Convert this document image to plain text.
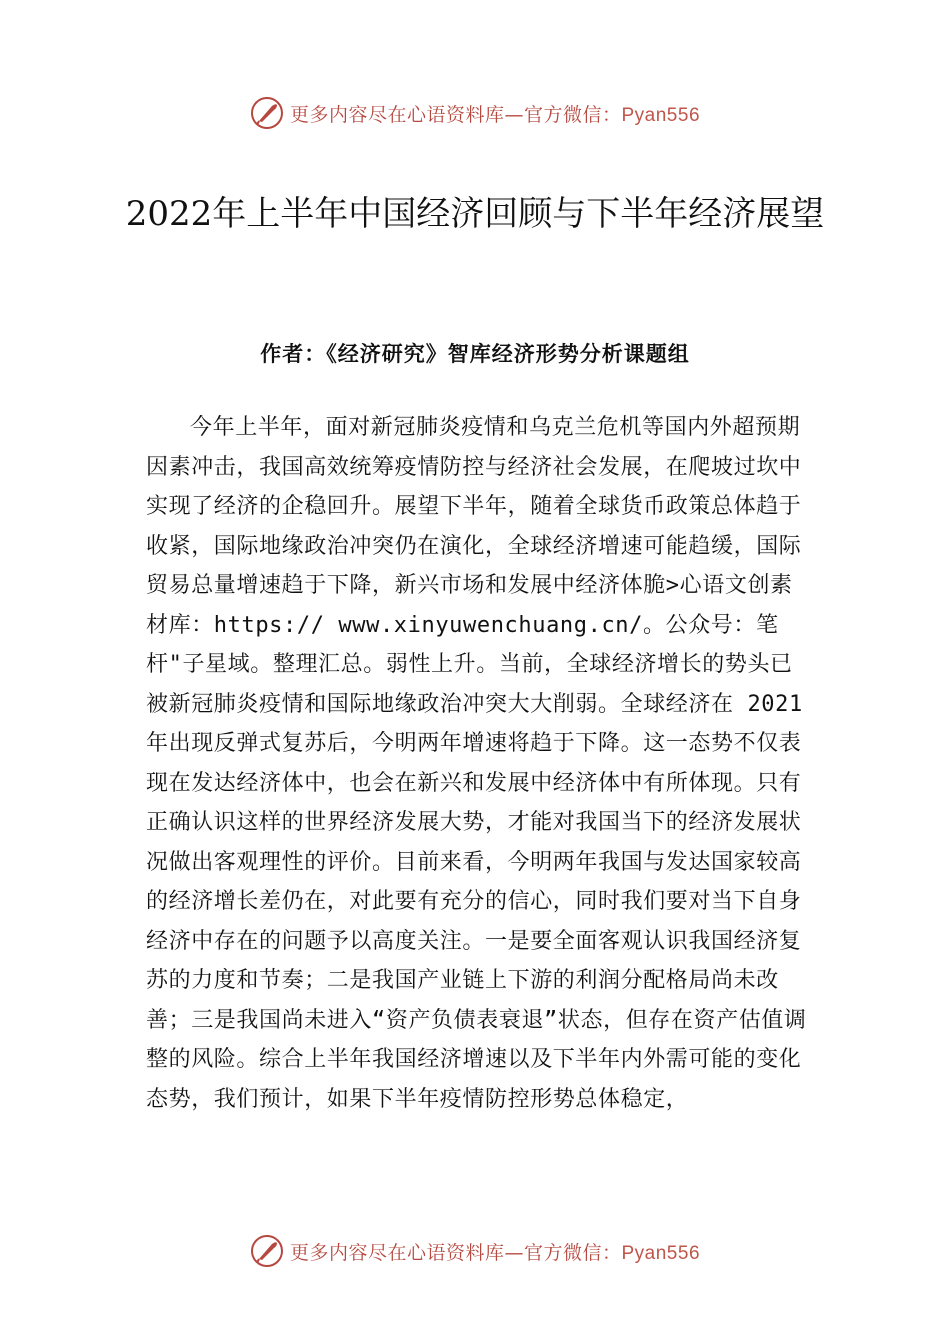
更多内容尽在心语资料库—官方微信：Pyan556
2022年上半年中国经济回顾与下半年经济展望

作者：《经济研究》智库经济形势分析课题组

今年上半年，面对新冠肺炎疫情和乌克兰危机等国内外超预期因素冲击，我国高效统筹疫情防控与经济社会发展，在爬坡过坎中实现了经济的企稳回升。展望下半年，随着全球货币政策总体趋于收紧，国际地缘政治冲突仍在演化，全球经济增速可能趋缓，国际贸易总量增速趋于下降，新兴市场和发展中经济体脆>心语文创素材库：https:// www.xinyuwenchuang.cn/。公众号：笔杆"子星域。整理汇总。弱性上升。当前，全球经济增长的势头已被新冠肺炎疫情和国际地缘政治冲突大大削弱。全球经济在 2021 年出现反弹式复苏后，今明两年增速将趋于下降。这一态势不仅表现在发达经济体中，也会在新兴和发展中经济体中有所体现。只有正确认识这样的世界经济发展大势，才能对我国当下的经济发展状况做出客观理性的评价。目前来看，今明两年我国与发达国家较高的经济增长差仍在，对此要有充分的信心，同时我们要对当下自身经济中存在的问题予以高度关注。一是要全面客观认识我国经济复苏的力度和节奏；二是我国产业链上下游的利润分配格局尚未改善；三是我国尚未进入“资产负债表衰退”状态，但存在资产估值调整的风险。综合上半年我国经济增速以及下半年内外需可能的变化态势，我们预计，如果下半年疫情防控形势总体稳定，

更多内容尽在心语资料库—官方微信：Pyan556
